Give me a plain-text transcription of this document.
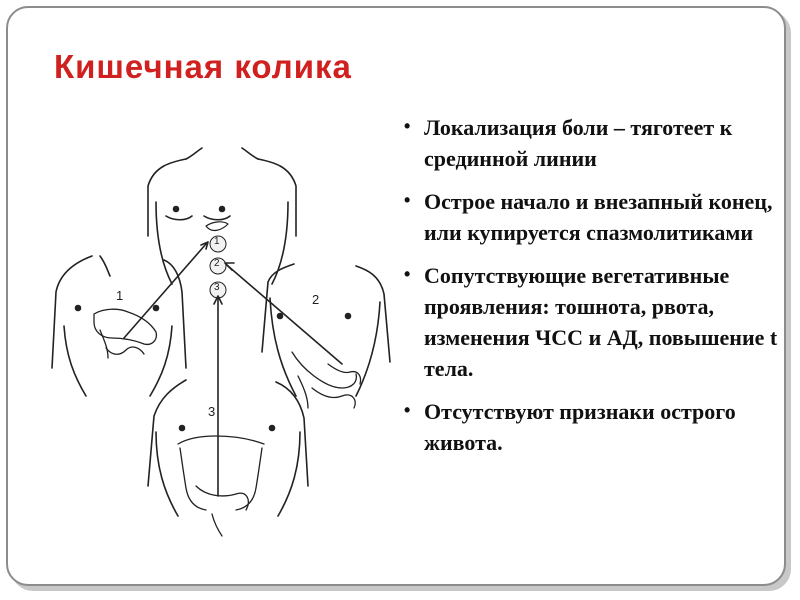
Кишечная колика
1	2
3
1
2
3
• Локализация боли – тяготеет к срединной линии
• Острое начало и внезапный конец, или купируется спазмолитиками
• Сопутствующие вегетативные проявления: тошнота, рвота, изменения ЧСС и АД, повышение t тела.
• Отсутствуют признаки острого живота.
